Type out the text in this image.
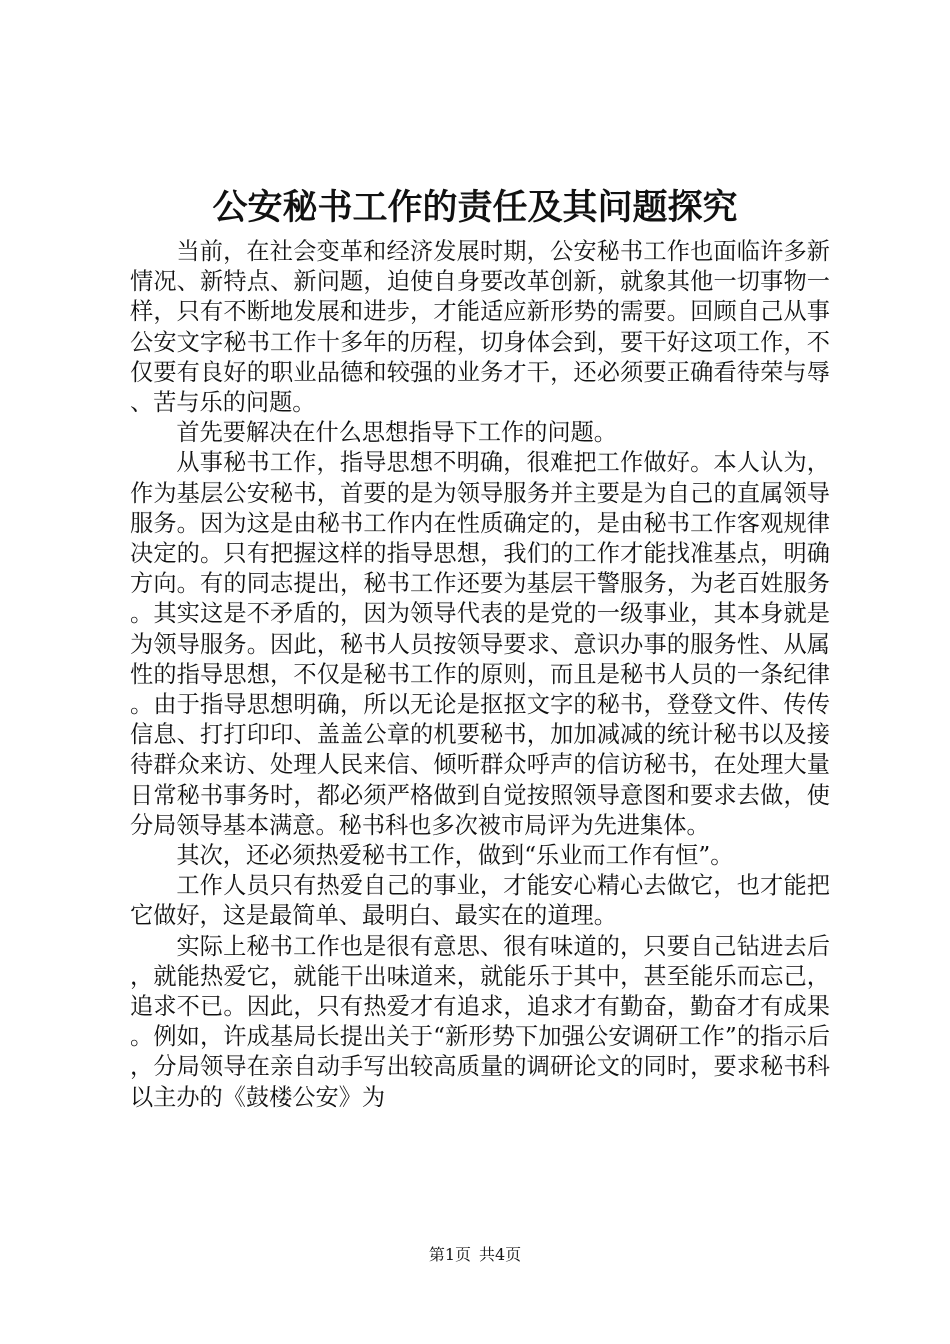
公安秘书工作的责任及其问题探究

当前，在社会变革和经济发展时期，公安秘书工作也面临许多新情况、新特点、新问题，迫使自身要改革创新，就象其他一切事物一样，只有不断地发展和进步，才能适应新形势的需要。回顾自己从事公安文字秘书工作十多年的历程，切身体会到，要干好这项工作，不仅要有良好的职业品德和较强的业务才干，还必须要正确看待荣与辱、苦与乐的问题。

首先要解决在什么思想指导下工作的问题。

从事秘书工作，指导思想不明确，很难把工作做好。本人认为，作为基层公安秘书，首要的是为领导服务并主要是为自己的直属领导服务。因为这是由秘书工作内在性质确定的，是由秘书工作客观规律决定的。只有把握这样的指导思想，我们的工作才能找准基点，明确方向。有的同志提出，秘书工作还要为基层干警服务，为老百姓服务。其实这是不矛盾的，因为领导代表的是党的一级事业，其本身就是为领导服务。因此，秘书人员按领导要求、意识办事的服务性、从属性的指导思想，不仅是秘书工作的原则，而且是秘书人员的一条纪律。由于指导思想明确，所以无论是抠抠文字的秘书，登登文件、传传信息、打打印印、盖盖公章的机要秘书，加加减减的统计秘书以及接待群众来访、处理人民来信、倾听群众呼声的信访秘书，在处理大量日常秘书事务时，都必须严格做到自觉按照领导意图和要求去做，使分局领导基本满意。秘书科也多次被市局评为先进集体。

其次，还必须热爱秘书工作，做到“乐业而工作有恒”。

工作人员只有热爱自己的事业，才能安心精心去做它，也才能把它做好，这是最简单、最明白、最实在的道理。

实际上秘书工作也是很有意思、很有味道的，只要自己钻进去后，就能热爱它，就能干出味道来，就能乐于其中，甚至能乐而忘己，追求不已。因此，只有热爱才有追求，追求才有勤奋，勤奋才有成果。例如，许成基局长提出关于“新形势下加强公安调研工作”的指示后，分局领导在亲自动手写出较高质量的调研论文的同时，要求秘书科以主办的《鼓楼公安》为

第1页 共4页
